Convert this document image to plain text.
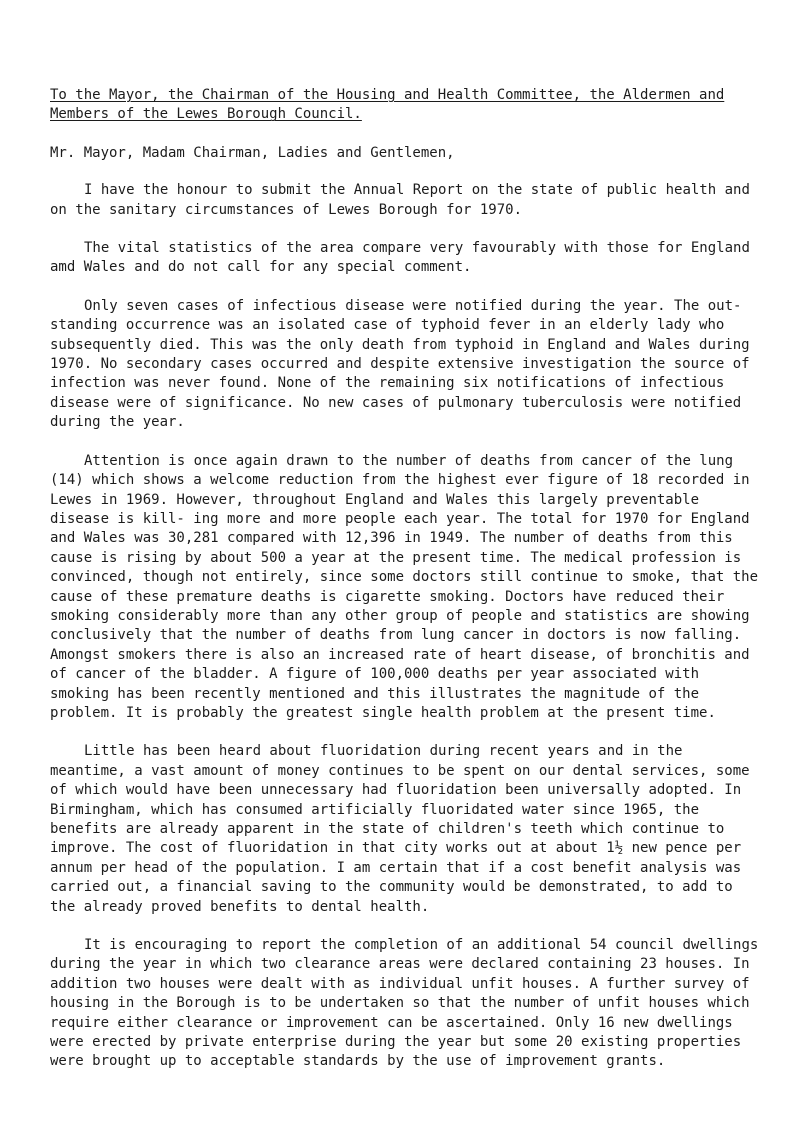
To the Mayor, the Chairman of the Housing and Health Committee, the Aldermen and Members of the Lewes Borough Council.
Mr. Mayor, Madam Chairman, Ladies and Gentlemen,
I have the honour to submit the Annual Report on the state of public health and on the sanitary circumstances of Lewes Borough for 1970.
The vital statistics of the area compare very favourably with those for England amd Wales and do not call for any special comment.
Only seven cases of infectious disease were notified during the year. The out- standing occurrence was an isolated case of typhoid fever in an elderly lady who subsequently died. This was the only death from typhoid in England and Wales during 1970. No secondary cases occurred and despite extensive investigation the source of infection was never found. None of the remaining six notifications of infectious disease were of significance. No new cases of pulmonary tuberculosis were notified during the year.
Attention is once again drawn to the number of deaths from cancer of the lung (14) which shows a welcome reduction from the highest ever figure of 18 recorded in Lewes in 1969. However, throughout England and Wales this largely preventable disease is kill- ing more and more people each year. The total for 1970 for England and Wales was 30,281 compared with 12,396 in 1949. The number of deaths from this cause is rising by about 500 a year at the present time. The medical profession is convinced, though not entirely, since some doctors still continue to smoke, that the cause of these premature deaths is cigarette smoking. Doctors have reduced their smoking considerably more than any other group of people and statistics are showing conclusively that the number of deaths from lung cancer in doctors is now falling. Amongst smokers there is also an increased rate of heart disease, of bronchitis and of cancer of the bladder. A figure of 100,000 deaths per year associated with smoking has been recently mentioned and this illustrates the magnitude of the problem. It is probably the greatest single health problem at the present time.
Little has been heard about fluoridation during recent years and in the meantime, a vast amount of money continues to be spent on our dental services, some of which would have been unnecessary had fluoridation been universally adopted. In Birmingham, which has consumed artificially fluoridated water since 1965, the benefits are already apparent in the state of children's teeth which continue to improve. The cost of fluoridation in that city works out at about 1½ new pence per annum per head of the population. I am certain that if a cost benefit analysis was carried out, a financial saving to the community would be demonstrated, to add to the already proved benefits to dental health.
It is encouraging to report the completion of an additional 54 council dwellings during the year in which two clearance areas were declared containing 23 houses. In addition two houses were dealt with as individual unfit houses. A further survey of housing in the Borough is to be undertaken so that the number of unfit houses which require either clearance or improvement can be ascertained. Only 16 new dwellings were erected by private enterprise during the year but some 20 existing properties were brought up to acceptable standards by the use of improvement grants.
